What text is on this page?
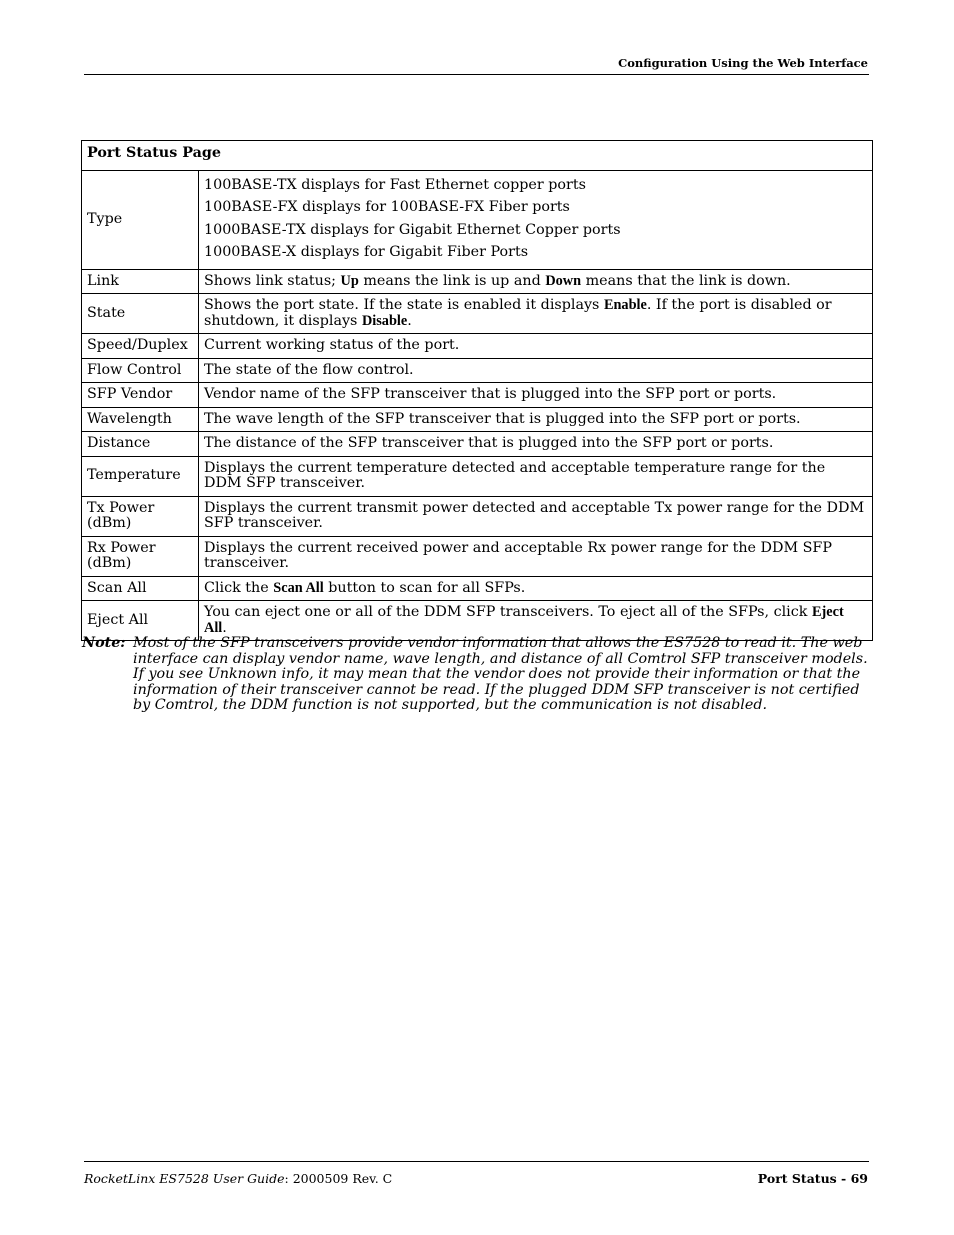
Configuration Using the Web Interface
Port Status Page	
Type	100BASE-TX displays for Fast Ethernet copper ports
100BASE-FX displays for 100BASE-FX Fiber ports
1000BASE-TX displays for Gigabit Ethernet Copper ports
1000BASE-X displays for Gigabit Fiber Ports

Link	Shows link status; Up means the link is up and Down means that the link is down.
State	Shows the port state. If the state is enabled it displays Enable. If the port is disabled or shutdown, it displays Disable.
Speed/Duplex	Current working status of the port.
Flow Control	The state of the flow control.
SFP Vendor	Vendor name of the SFP transceiver that is plugged into the SFP port or ports.
Wavelength	The wave length of the SFP transceiver that is plugged into the SFP port or ports.
Distance	The distance of the SFP transceiver that is plugged into the SFP port or ports.
Temperature	Displays the current temperature detected and acceptable temperature range for the DDM SFP transceiver.
Tx Power (dBm)	Displays the current transmit power detected and acceptable Tx power range for the DDM SFP transceiver.
Rx Power (dBm)	Displays the current received power and acceptable Rx power range for the DDM SFP transceiver.
Scan All	Click the Scan All button to scan for all SFPs.
Eject All	You can eject one or all of the DDM SFP transceivers. To eject all of the SFPs, click Eject All.
Note: Most of the SFP transceivers provide vendor information that allows the ES7528 to read it. The web interface can display vendor name, wave length, and distance of all Comtrol SFP transceiver models. If you see Unknown info, it may mean that the vendor does not provide their information or that the information of their transceiver cannot be read. If the plugged DDM SFP transceiver is not certified by Comtrol, the DDM function is not supported, but the communication is not disabled.
RocketLinx ES7528 User Guide: 2000509 Rev. C	Port Status - 69
